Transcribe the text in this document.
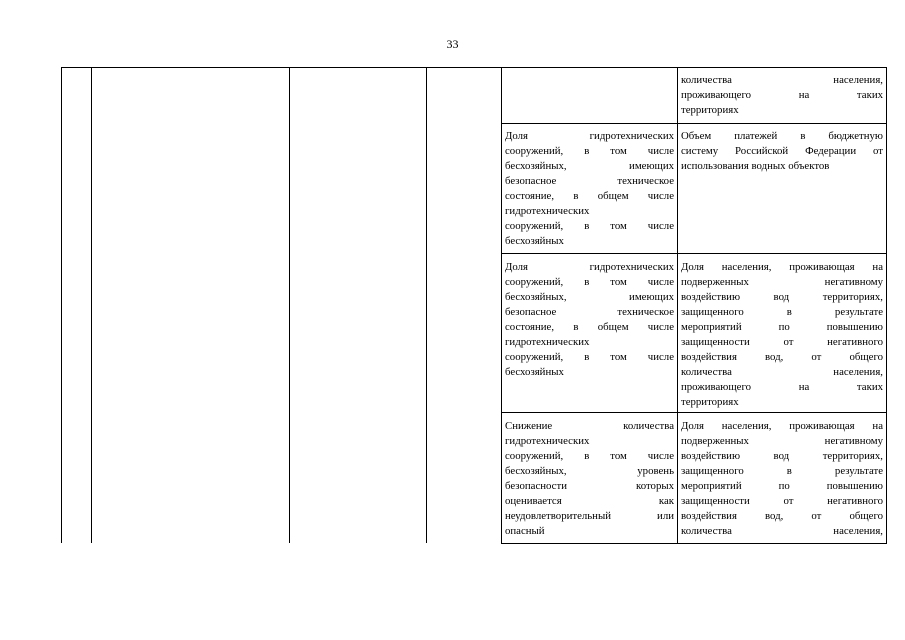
33
количества населения,
проживающего на таких
территориях
Доля гидротехнических
сооружений, в том числе
бесхозяйных, имеющих
безопасное техническое
состояние, в общем числе
гидротехнических
сооружений, в том числе
бесхозяйных
Объем платежей в бюджетную
систему Российской Федерации от
использования водных объектов
Доля гидротехнических
сооружений, в том числе
бесхозяйных, имеющих
безопасное техническое
состояние, в общем числе
гидротехнических
сооружений, в том числе
бесхозяйных
Доля населения, проживающая на
подверженных негативному
воздействию вод территориях,
защищенного в результате
мероприятий по повышению
защищенности от негативного
воздействия вод, от общего
количества населения,
проживающего на таких
территориях
Снижение количества
гидротехнических
сооружений, в том числе
бесхозяйных, уровень
безопасности которых
оценивается как
неудовлетворительный или
опасный
Доля населения, проживающая на
подверженных негативному
воздействию вод территориях,
защищенного в результате
мероприятий по повышению
защищенности от негативного
воздействия вод, от общего
количества населения,
